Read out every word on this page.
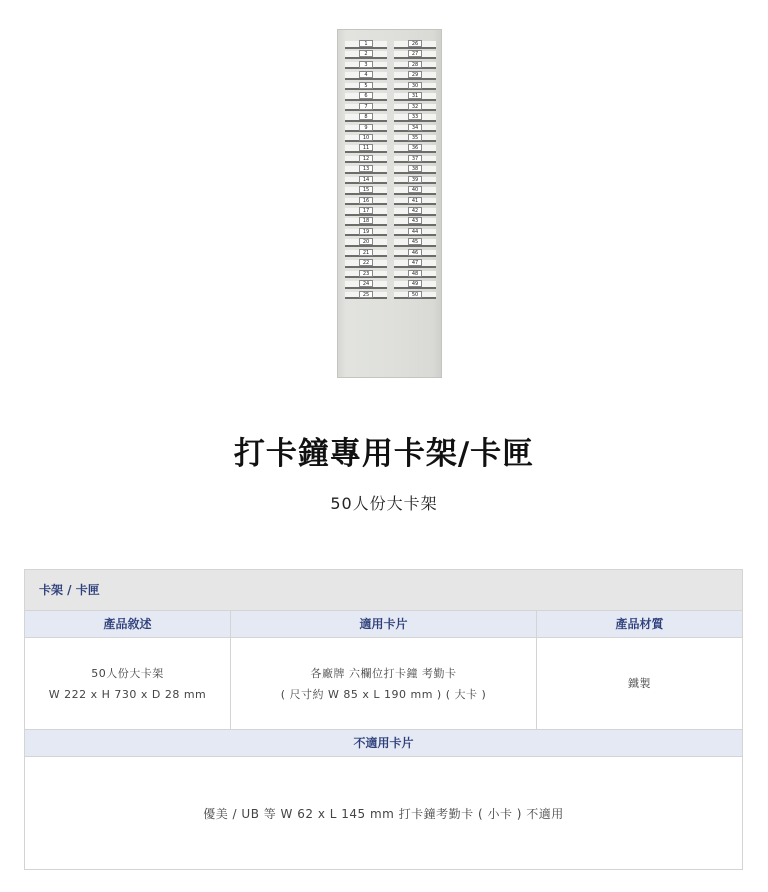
1
2
3
4
5
6
7
8
9
10
11
12
13
14
15
16
17
18
19
20
21
22
23
24
25
26
27
28
29
30
31
32
33
34
35
36
37
38
39
40
41
42
43
44
45
46
47
48
49
50
打卡鐘專用卡架/卡匣
50人份大卡架
卡架 / 卡匣
產品敘述	適用卡片	產品材質
50人份大卡架
W 222 x H 730 x D 28 mm
各廠牌 六欄位打卡鐘 考勤卡
( 尺寸約 W 85 x L 190 mm ) ( 大卡 )
鐵製
不適用卡片
優美 / UB 等 W 62 x L 145 mm 打卡鐘考勤卡 ( 小卡 ) 不適用
